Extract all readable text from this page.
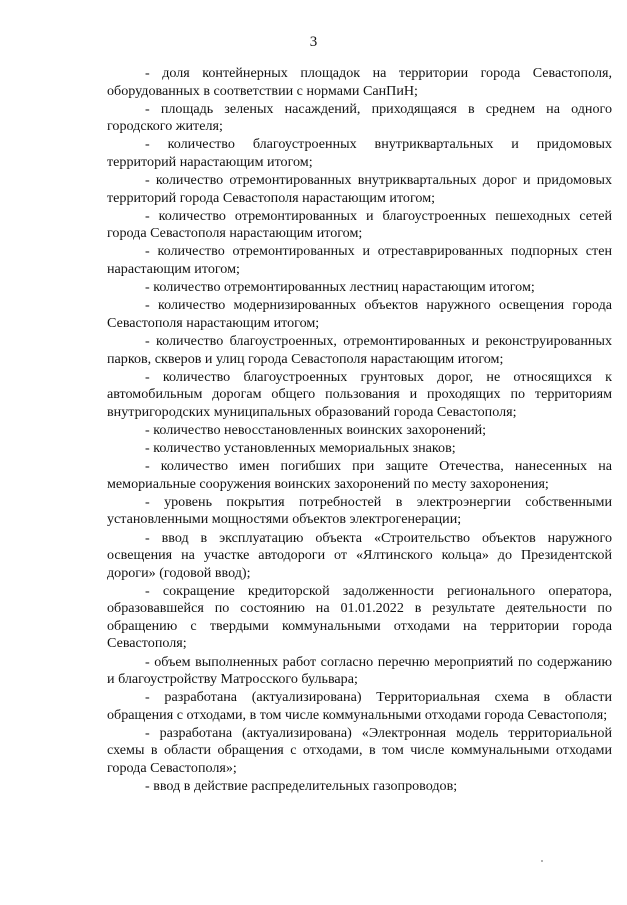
3

- доля контейнерных площадок на территории города Севастополя, оборудованных в соответствии с нормами СанПиН;

- площадь зеленых насаждений, приходящаяся в среднем на одного городского жителя;

- количество благоустроенных внутриквартальных и придомовых территорий нарастающим итогом;

- количество отремонтированных внутриквартальных дорог и придомовых территорий города Севастополя нарастающим итогом;

- количество отремонтированных и благоустроенных пешеходных сетей города Севастополя нарастающим итогом;

- количество отремонтированных и отреставрированных подпорных стен нарастающим итогом;

- количество отремонтированных лестниц нарастающим итогом;

- количество модернизированных объектов наружного освещения города Севастополя нарастающим итогом;

- количество благоустроенных, отремонтированных и реконструированных парков, скверов и улиц города Севастополя нарастающим итогом;

- количество благоустроенных грунтовых дорог, не относящихся к автомобильным дорогам общего пользования и проходящих по территориям внутригородских муниципальных образований города Севастополя;

- количество невосстановленных воинских захоронений;

- количество установленных мемориальных знаков;

- количество имен погибших при защите Отечества, нанесенных на мемориальные сооружения воинских захоронений по месту захоронения;

- уровень покрытия потребностей в электроэнергии собственными установленными мощностями объектов электрогенерации;

- ввод в эксплуатацию объекта «Строительство объектов наружного освещения на участке автодороги от «Ялтинского кольца» до Президентской дороги» (годовой ввод);

- сокращение кредиторской задолженности регионального оператора, образовавшейся по состоянию на 01.01.2022 в результате деятельности по обращению с твердыми коммунальными отходами на территории города Севастополя;

- объем выполненных работ согласно перечню мероприятий по содержанию и благоустройству Матросского бульвара;

- разработана (актуализирована) Территориальная схема в области обращения с отходами, в том числе коммунальными отходами города Севастополя;

- разработана (актуализирована) «Электронная модель территориальной схемы в области обращения с отходами, в том числе коммунальными отходами города Севастополя»;

- ввод в действие распределительных газопроводов;
